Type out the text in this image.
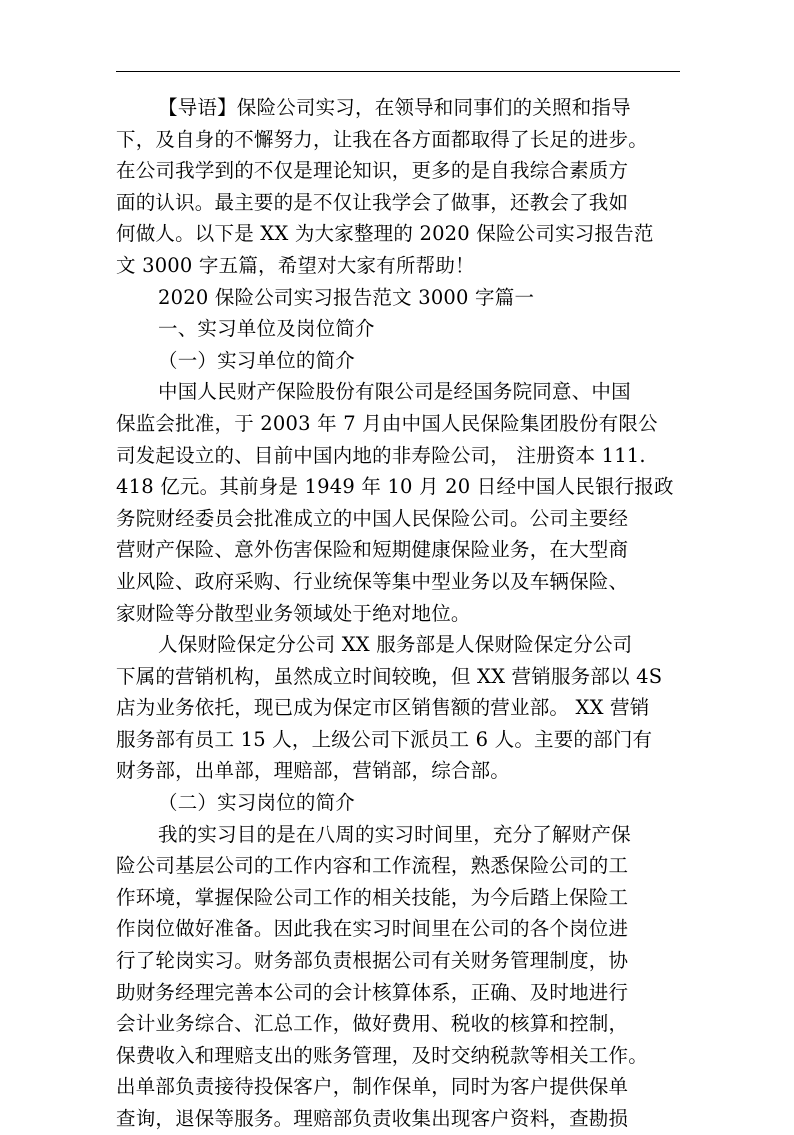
【导语】保险公司实习，在领导和同事们的关照和指导
下，及自身的不懈努力，让我在各方面都取得了长足的进步。
在公司我学到的不仅是理论知识，更多的是自我综合素质方
面的认识。最主要的是不仅让我学会了做事，还教会了我如
何做人。以下是 XX 为大家整理的 2020 保险公司实习报告范
文 3000 字五篇，希望对大家有所帮助！
2020 保险公司实习报告范文 3000 字篇一
一、实习单位及岗位简介
（一）实习单位的简介
中国人民财产保险股份有限公司是经国务院同意、中国
保监会批准，于 2003 年 7 月由中国人民保险集团股份有限公
司发起设立的、目前中国内地的非寿险公司， 注册资本 111.
418 亿元。其前身是 1949 年 10 月 20 日经中国人民银行报政
务院财经委员会批准成立的中国人民保险公司。公司主要经
营财产保险、意外伤害保险和短期健康保险业务，在大型商
业风险、政府采购、行业统保等集中型业务以及车辆保险、
家财险等分散型业务领域处于绝对地位。
人保财险保定分公司 XX 服务部是人保财险保定分公司
下属的营销机构，虽然成立时间较晚，但 XX 营销服务部以 4S
店为业务依托，现已成为保定市区销售额的营业部。 XX 营销
服务部有员工 15 人，上级公司下派员工 6 人。主要的部门有
财务部，出单部，理赔部，营销部，综合部。
（二）实习岗位的简介
我的实习目的是在八周的实习时间里，充分了解财产保
险公司基层公司的工作内容和工作流程，熟悉保险公司的工
作环境，掌握保险公司工作的相关技能，为今后踏上保险工
作岗位做好准备。因此我在实习时间里在公司的各个岗位进
行了轮岗实习。财务部负责根据公司有关财务管理制度，协
助财务经理完善本公司的会计核算体系，正确、及时地进行
会计业务综合、汇总工作，做好费用、税收的核算和控制，
保费收入和理赔支出的账务管理，及时交纳税款等相关工作。
出单部负责接待投保客户，制作保单，同时为客户提供保单
查询，退保等服务。理赔部负责收集出现客户资料，查勘损
